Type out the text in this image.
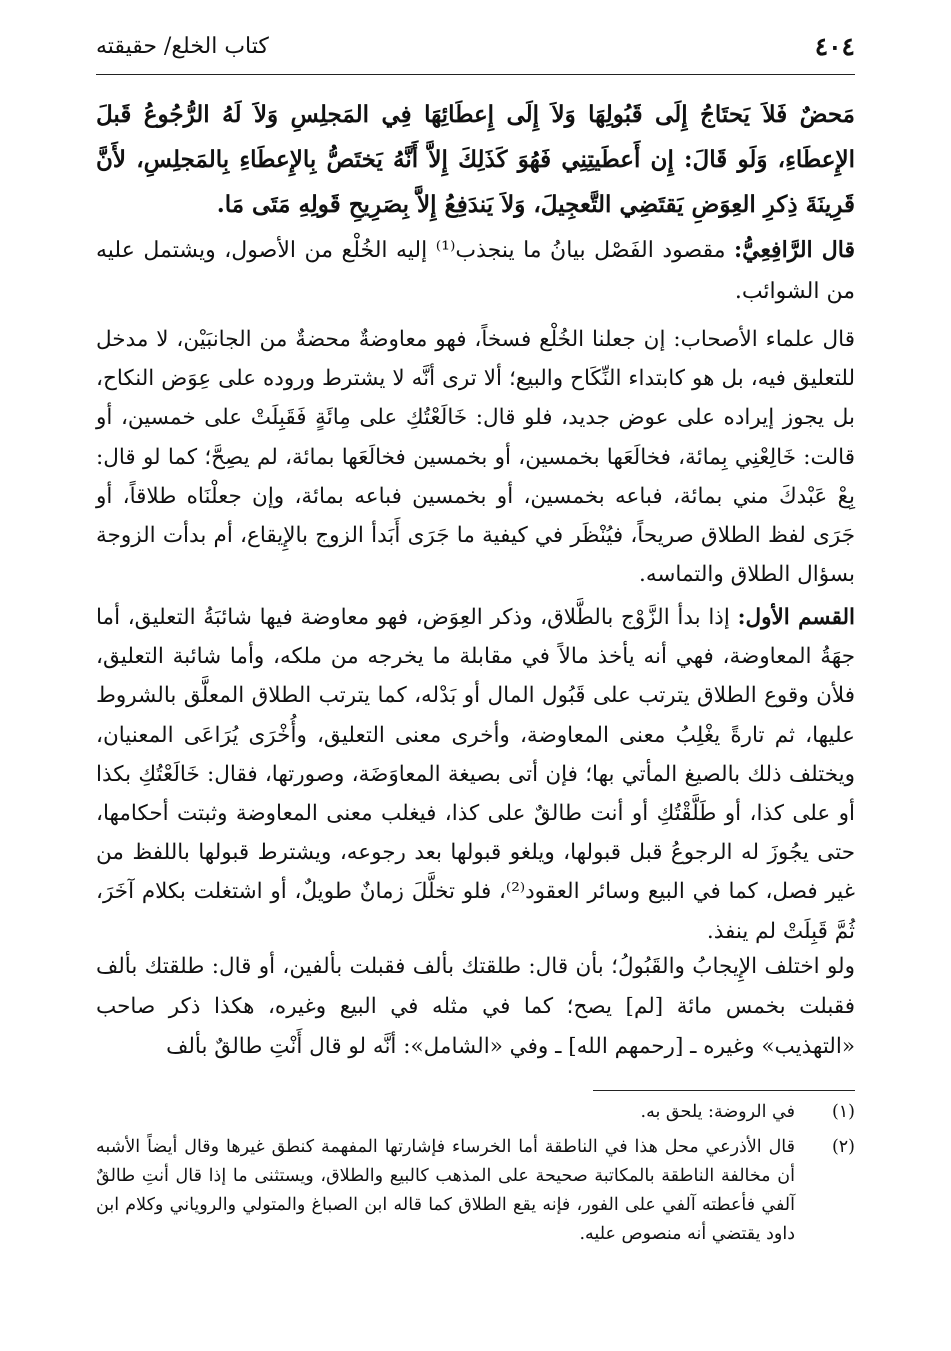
٤٠٤
كتاب الخلع/ حقيقته

مَحضٌ فَلاَ يَحتَاجُ إِلَى قَبُولِهَا وَلاَ إِلَى إِعطَائِهَا فِي المَجلِسِ وَلاَ لَهُ الرُّجُوعُ قَبلَ الإِعطَاءِ، وَلَو قَالَ: إِن أَعطَيتِنِي فَهُوَ كَذَلِكَ إِلاَّ أَنَّهُ يَختَصُّ بِالإِعطَاءِ بِالمَجلِسِ، لأَنَّ قَرِينَةَ ذِكرِ العِوَضِ يَقتَضِي التَّعجِيلَ، وَلاَ يَندَفِعُ إِلاَّ بِصَرِيحِ قَولِهِ مَتَى مَا.

قال الرَّافِعِيُّ: مقصود الفَصْل بيانُ ما ينجذب⁽¹⁾ إليه الخُلْع من الأصول، ويشتمل عليه من الشوائب.

قال علماء الأصحاب: إن جعلنا الخُلْع فسخاً، فهو معاوضةٌ محضةٌ من الجانبَيْن، لا مدخل للتعليق فيه، بل هو كابتداء النِّكَاح والبيع؛ ألا ترى أنَّه لا يشترط وروده على عِوَض النكاح، بل يجوز إيراده على عوض جديد، فلو قال: خَالَعْتُكِ على مِائَةٍ فَقَبِلَتْ على خمسين، أو قالت: خَالِعْنِي بِمائة، فخالَعَها بخمسين، أو بخمسين فخالَعَها بمائة، لم يصِحَّ؛ كما لو قال: بِعْ عَبْدكَ مني بمائة، فباعه بخمسين، أو بخمسين فباعه بمائة، وإن جعلْنَاه طلاقاً، أو جَرَى لفظ الطلاق صريحاً، فيُنْظَر في كيفية ما جَرَى أَبَدأ الزوج بالإِيقاع، أم بدأت الزوجة بسؤال الطلاق والتماسه.

القسم الأول: إذا بدأ الزَّوْج بالطَّلاق، وذكر العِوَض، فهو معاوضة فيها شائبَةُ التعليق، أما جهَةُ المعاوضة، فهي أنه يأخذ مالاً في مقابلة ما يخرجه من ملكه، وأما شائبة التعليق، فلأن وقوع الطلاق يترتب على قَبُول المال أو بَدْله، كما يترتب الطلاق المعلَّق بالشروط عليها، ثم تارةً يغْلِبُ معنى المعاوضة، وأخرى معنى التعليق، وأُخْرَى يُرَاعَى المعنيان، ويختلف ذلك بالصيغ المأتي بها؛ فإن أتى بصيغة المعاوَضَة، وصورتها، فقال: خَالَعْتُكِ بكذا أو على كذا، أو طَلَّقْتُكِ أو أنت طالقٌ على كذا، فيغلب معنى المعاوضة وثبتت أحكامها، حتى يجُوزَ له الرجوعُ قبل قبولها، ويلغو قبولها بعد رجوعه، ويشترط قبولها باللفظ من غير فصل، كما في البيع وسائر العقود⁽²⁾، فلو تخلَّلَ زمانٌ طويلٌ، أو اشتغلت بكلام آخَرَ، ثُمَّ قَبِلَتْ لم ينفذ.

ولو اختلف الإِيجابُ والقَبُولُ؛ بأن قال: طلقتك بألف فقبلت بألفين، أو قال: طلقتك بألف فقبلت بخمس مائة [لم] يصح؛ كما في مثله في البيع وغيره، هكذا ذكر صاحب «التهذيب» وغيره ـ [رحمهم الله] ـ وفي «الشامل»: أنَّه لو قال أَنْتِ طالقٌ بألف

(١)
في الروضة: يلحق به.

(٢)
قال الأذرعي محل هذا في الناطقة أما الخرساء فإشارتها المفهمة كنطق غيرها وقال أيضاً الأشبه أن مخالفة الناطقة بالمكاتبة صحيحة على المذهب كالبيع والطلاق، ويستثنى ما إذا قال أنتِ طالقٌ آلفي فأعطته آلفي على الفور، فإنه يقع الطلاق كما قاله ابن الصباغ والمتولي والروياني وكلام ابن داود يقتضي أنه منصوص عليه.
